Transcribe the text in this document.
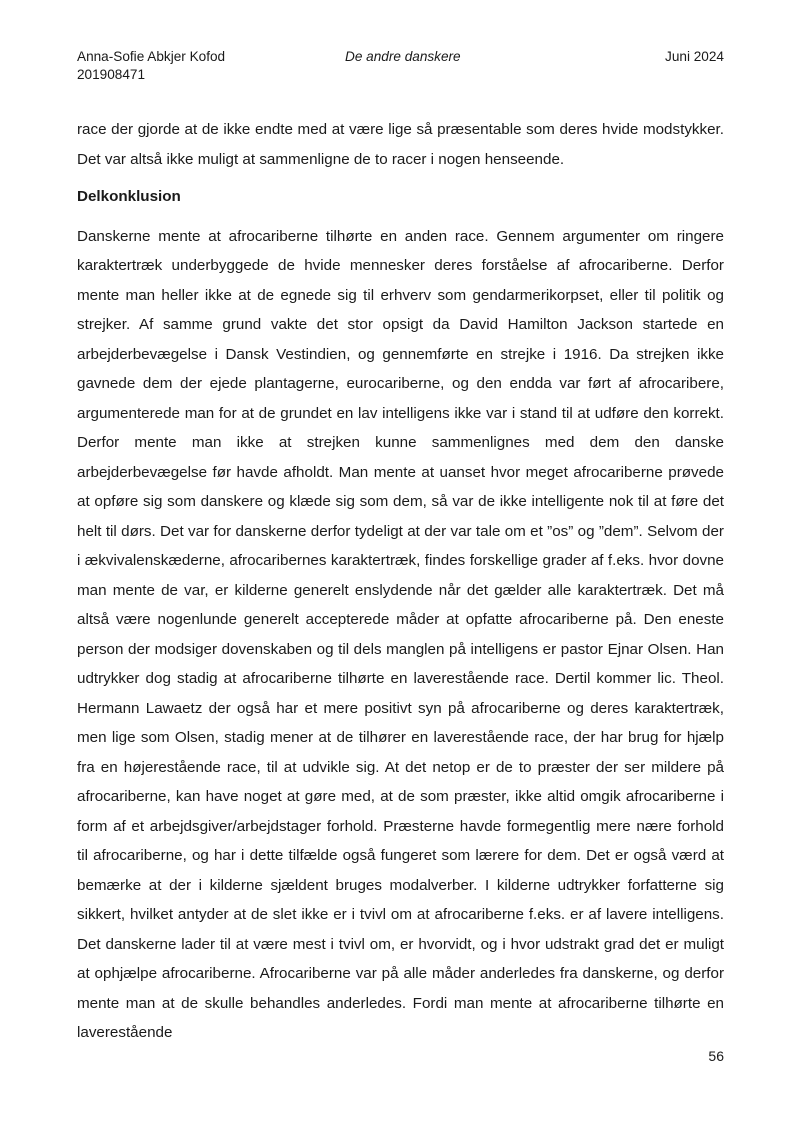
Anna-Sofie Abkjer Kofod
201908471
De andre danskere	Juni 2024

race der gjorde at de ikke endte med at være lige så præsentable som deres hvide modstykker. Det var altså ikke muligt at sammenligne de to racer i nogen henseende.

Delkonklusion

Danskerne mente at afrocariberne tilhørte en anden race. Gennem argumenter om ringere karaktertræk underbyggede de hvide mennesker deres forståelse af afrocariberne. Derfor mente man heller ikke at de egnede sig til erhverv som gendarmerikorpset, eller til politik og strejker. Af samme grund vakte det stor opsigt da David Hamilton Jackson startede en arbejderbevægelse i Dansk Vestindien, og gennemførte en strejke i 1916. Da strejken ikke gavnede dem der ejede plantagerne, eurocariberne, og den endda var ført af afrocaribere, argumenterede man for at de grundet en lav intelligens ikke var i stand til at udføre den korrekt. Derfor mente man ikke at strejken kunne sammenlignes med dem den danske arbejderbevægelse før havde afholdt. Man mente at uanset hvor meget afrocariberne prøvede at opføre sig som danskere og klæde sig som dem, så var de ikke intelligente nok til at føre det helt til dørs. Det var for danskerne derfor tydeligt at der var tale om et ”os” og ”dem”. Selvom der i ækvivalenskæderne, afrocaribernes karaktertræk, findes forskellige grader af f.eks. hvor dovne man mente de var, er kilderne generelt enslydende når det gælder alle karaktertræk. Det må altså være nogenlunde generelt accepterede måder at opfatte afrocariberne på. Den eneste person der modsiger dovenskaben og til dels manglen på intelligens er pastor Ejnar Olsen. Han udtrykker dog stadig at afrocariberne tilhørte en laverestående race. Dertil kommer lic. Theol. Hermann Lawaetz der også har et mere positivt syn på afrocariberne og deres karaktertræk, men lige som Olsen, stadig mener at de tilhører en laverestående race, der har brug for hjælp fra en højerestående race, til at udvikle sig. At det netop er de to præster der ser mildere på afrocariberne, kan have noget at gøre med, at de som præster, ikke altid omgik afrocariberne i form af et arbejdsgiver/arbejdstager forhold. Præsterne havde formegentlig mere nære forhold til afrocariberne, og har i dette tilfælde også fungeret som lærere for dem. Det er også værd at bemærke at der i kilderne sjældent bruges modalverber. I kilderne udtrykker forfatterne sig sikkert, hvilket antyder at de slet ikke er i tvivl om at afrocariberne f.eks. er af lavere intelligens. Det danskerne lader til at være mest i tvivl om, er hvorvidt, og i hvor udstrakt grad det er muligt at ophjælpe afrocariberne. Afrocariberne var på alle måder anderledes fra danskerne, og derfor mente man at de skulle behandles anderledes. Fordi man mente at afrocariberne tilhørte en laverestående

56
